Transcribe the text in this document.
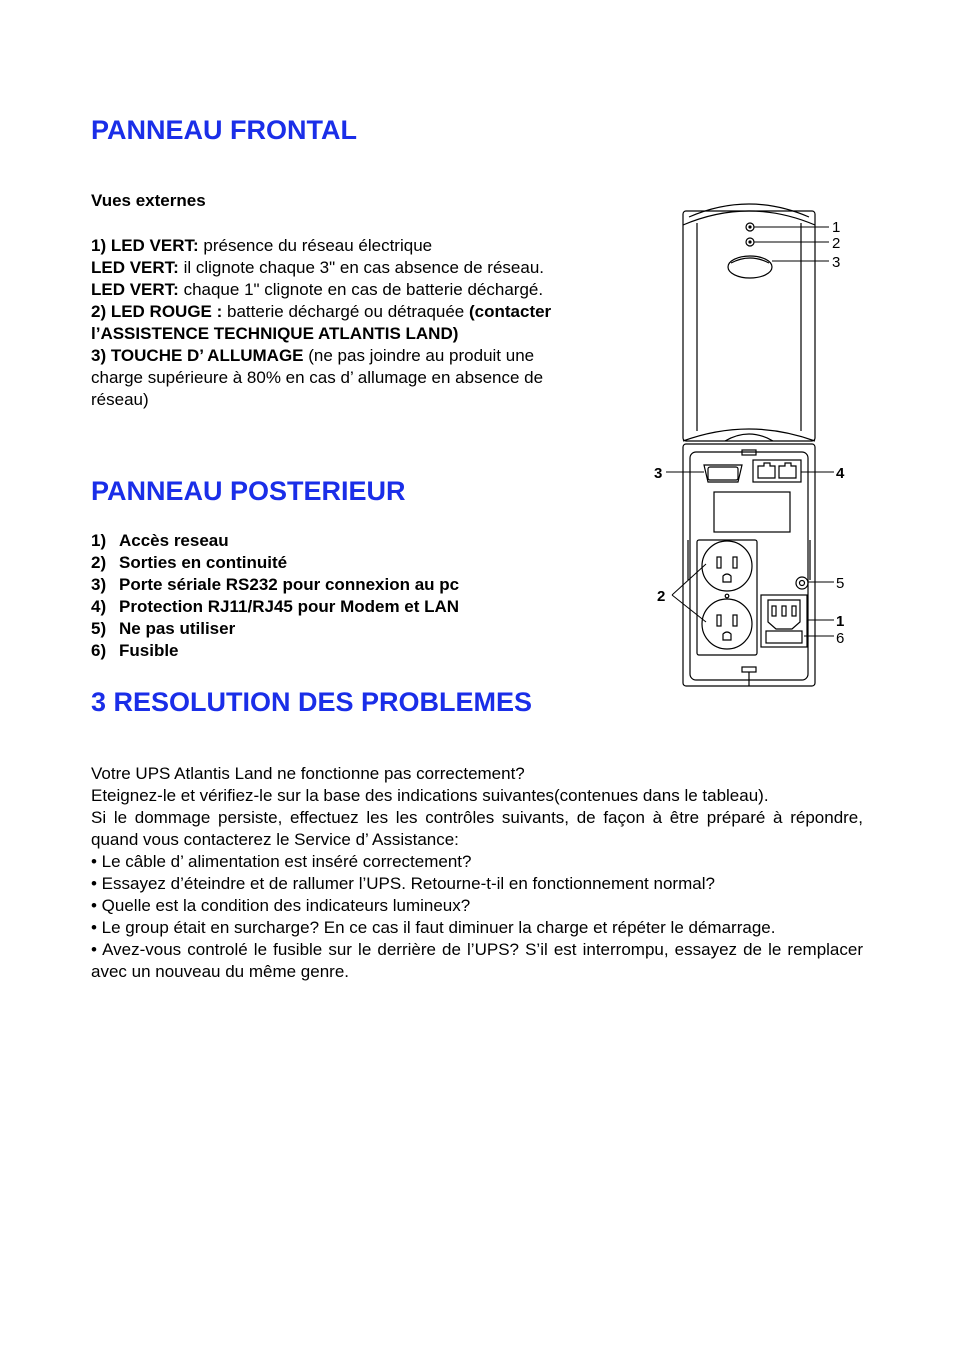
PANNEAU FRONTAL

Vues externes

1) LED VERT: présence du réseau électrique

LED VERT: il clignote chaque 3" en cas absence de réseau.

LED VERT: chaque 1" clignote en cas de batterie déchargé.

2) LED ROUGE : batterie déchargé ou détraquée (contacter

l’ASSISTENCE TECHNIQUE ATLANTIS LAND)

3) TOUCHE D’ ALLUMAGE (ne pas joindre au produit une

charge supérieure à 80% en cas d’ allumage en absence de

réseau)

1
2
3
PANNEAU POSTERIEUR
1) Accès reseau
2) Sorties en continuité
3) Porte sériale RS232 pour connexion au pc
4) Protection RJ11/RJ45 pour Modem et LAN
5) Ne pas utiliser
6) Fusible
3	4
2
5
1
6
3 RESOLUTION DES PROBLEMES

Votre UPS Atlantis Land ne fonctionne pas correctement?

Eteignez-le et vérifiez-le sur la base des indications suivantes(contenues dans le tableau).

Si le dommage persiste, effectuez les les contrôles suivants, de façon à être préparé à répondre, quand vous contacterez le Service d’ Assistance:

• Le câble d’ alimentation est inséré correctement?

• Essayez d’éteindre et de rallumer l’UPS. Retourne-t-il en fonctionnement normal?

• Quelle est la condition des indicateurs lumineux?

• Le group était en surcharge? En ce cas il faut diminuer la charge et répéter le démarrage.

• Avez-vous controlé le fusible sur le derrière de l’UPS? S’il est interrompu, essayez de le remplacer avec un nouveau du même genre.
